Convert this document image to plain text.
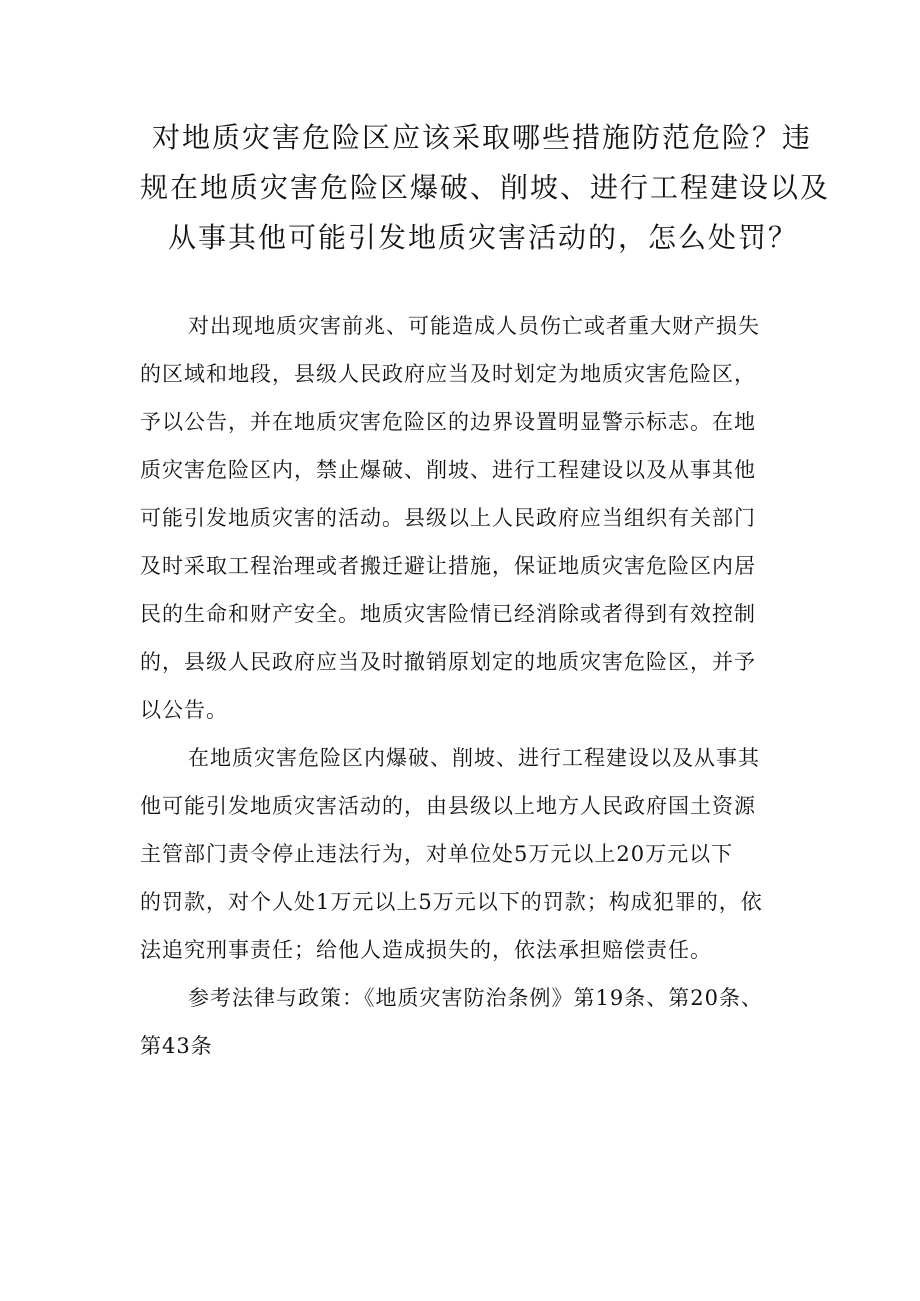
对地质灾害危险区应该采取哪些措施防范危险？违
规在地质灾害危险区爆破、削坡、进行工程建设以及
从事其他可能引发地质灾害活动的，怎么处罚？
对出现地质灾害前兆、可能造成人员伤亡或者重大财产损失
的区域和地段，县级人民政府应当及时划定为地质灾害危险区，
予以公告，并在地质灾害危险区的边界设置明显警示标志。在地
质灾害危险区内，禁止爆破、削坡、进行工程建设以及从事其他
可能引发地质灾害的活动。县级以上人民政府应当组织有关部门
及时采取工程治理或者搬迁避让措施，保证地质灾害危险区内居
民的生命和财产安全。地质灾害险情已经消除或者得到有效控制
的，县级人民政府应当及时撤销原划定的地质灾害危险区，并予
以公告。
在地质灾害危险区内爆破、削坡、进行工程建设以及从事其
他可能引发地质灾害活动的，由县级以上地方人民政府国土资源
主管部门责令停止违法行为，对单位处5万元以上20万元以下
的罚款，对个人处1万元以上5万元以下的罚款；构成犯罪的，依
法追究刑事责任；给他人造成损失的，依法承担赔偿责任。
参考法律与政策：《地质灾害防治条例》第19条、第20条、
第43条
